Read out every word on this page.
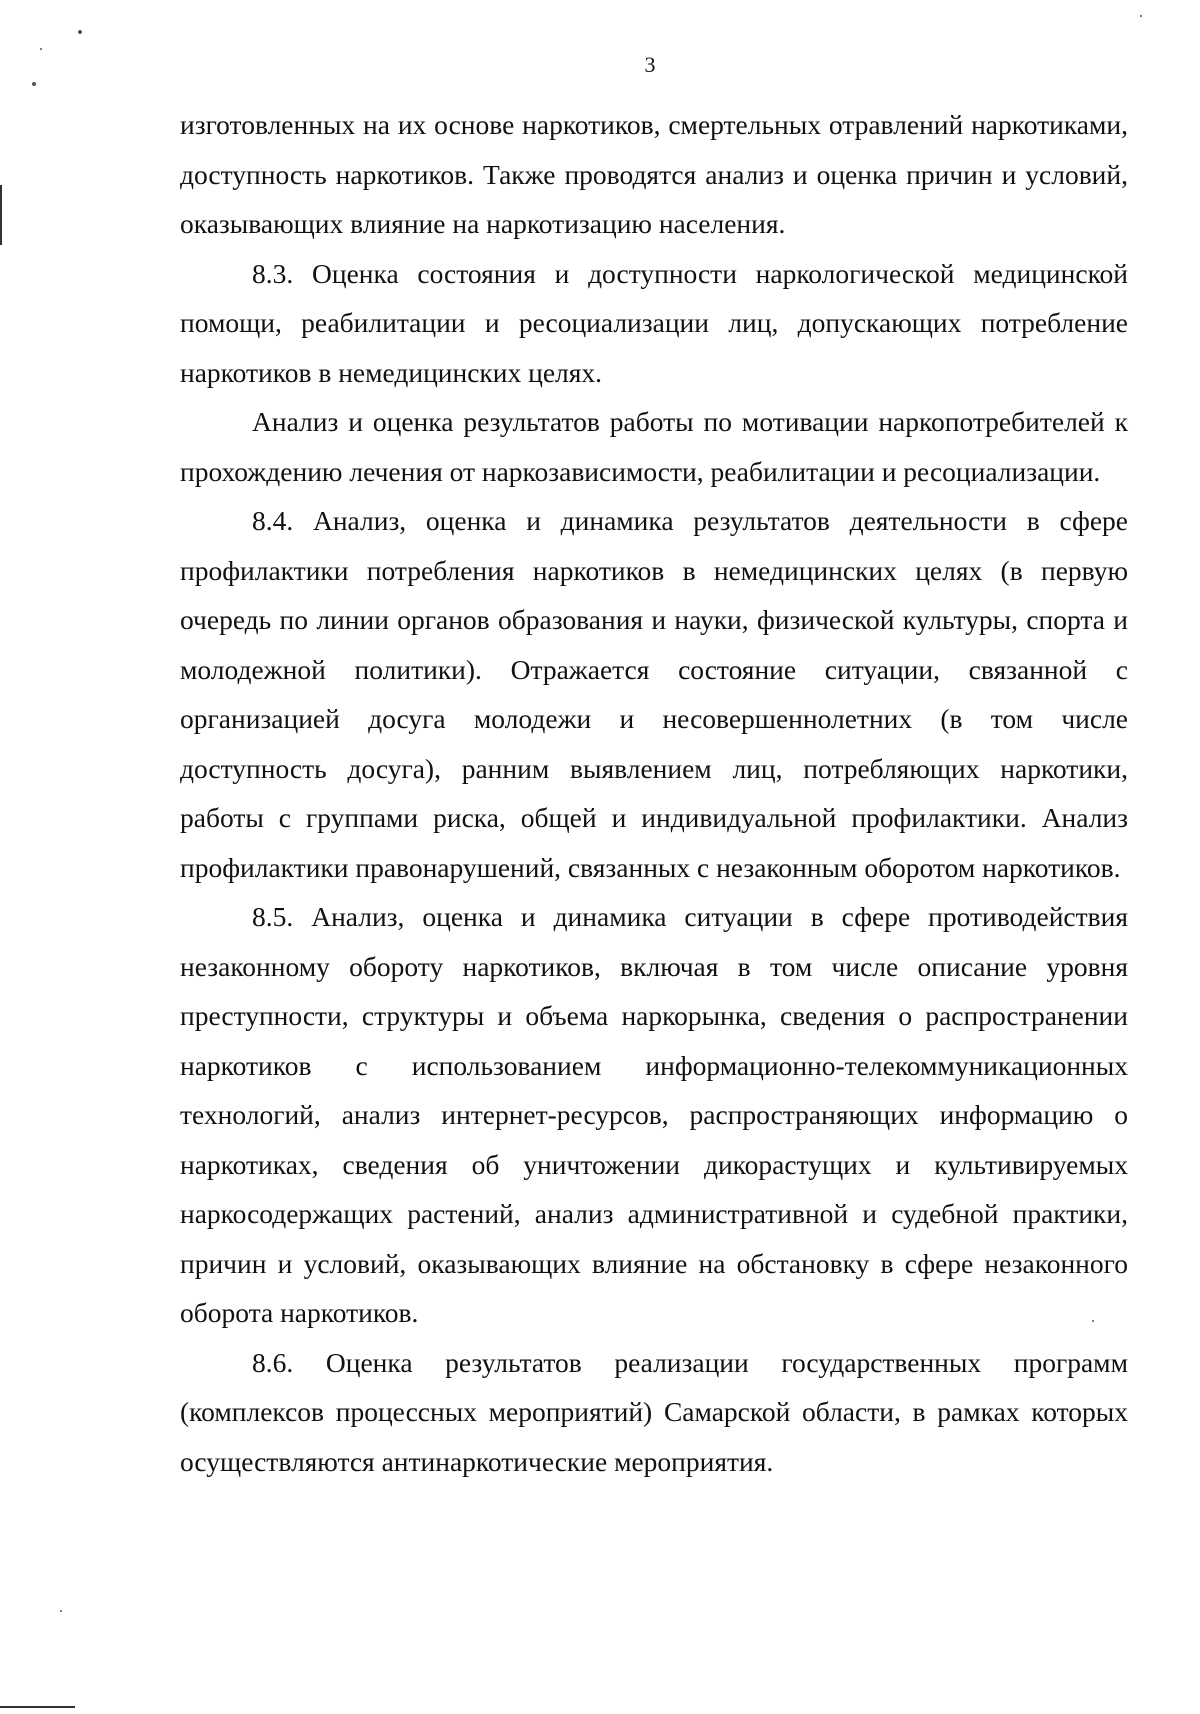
3

изготовленных на их основе наркотиков, смертельных отравлений наркотиками, доступность наркотиков. Также проводятся анализ и оценка причин и условий, оказывающих влияние на наркотизацию населения.

8.3. Оценка состояния и доступности наркологической медицинской помощи, реабилитации и ресоциализации лиц, допускающих потребление наркотиков в немедицинских целях.

Анализ и оценка результатов работы по мотивации наркопотребителей к прохождению лечения от наркозависимости, реабилитации и ресоциализации.

8.4. Анализ, оценка и динамика результатов деятельности в сфере профилактики потребления наркотиков в немедицинских целях (в первую очередь по линии органов образования и науки, физической культуры, спорта и молодежной политики). Отражается состояние ситуации, связанной с организацией досуга молодежи и несовершеннолетних (в том числе доступность досуга), ранним выявлением лиц, потребляющих наркотики, работы с группами риска, общей и индивидуальной профилактики. Анализ профилактики правонарушений, связанных с незаконным оборотом наркотиков.

8.5. Анализ, оценка и динамика ситуации в сфере противодействия незаконному обороту наркотиков, включая в том числе описание уровня преступности, структуры и объема наркорынка, сведения о распространении наркотиков с использованием информационно-телекоммуникационных технологий, анализ интернет-ресурсов, распространяющих информацию о наркотиках, сведения об уничтожении дикорастущих и культивируемых наркосодержащих растений, анализ административной и судебной практики, причин и условий, оказывающих влияние на обстановку в сфере незаконного оборота наркотиков.

8.6. Оценка результатов реализации государственных программ (комплексов процессных мероприятий) Самарской области, в рамках которых осуществляются антинаркотические мероприятия.
